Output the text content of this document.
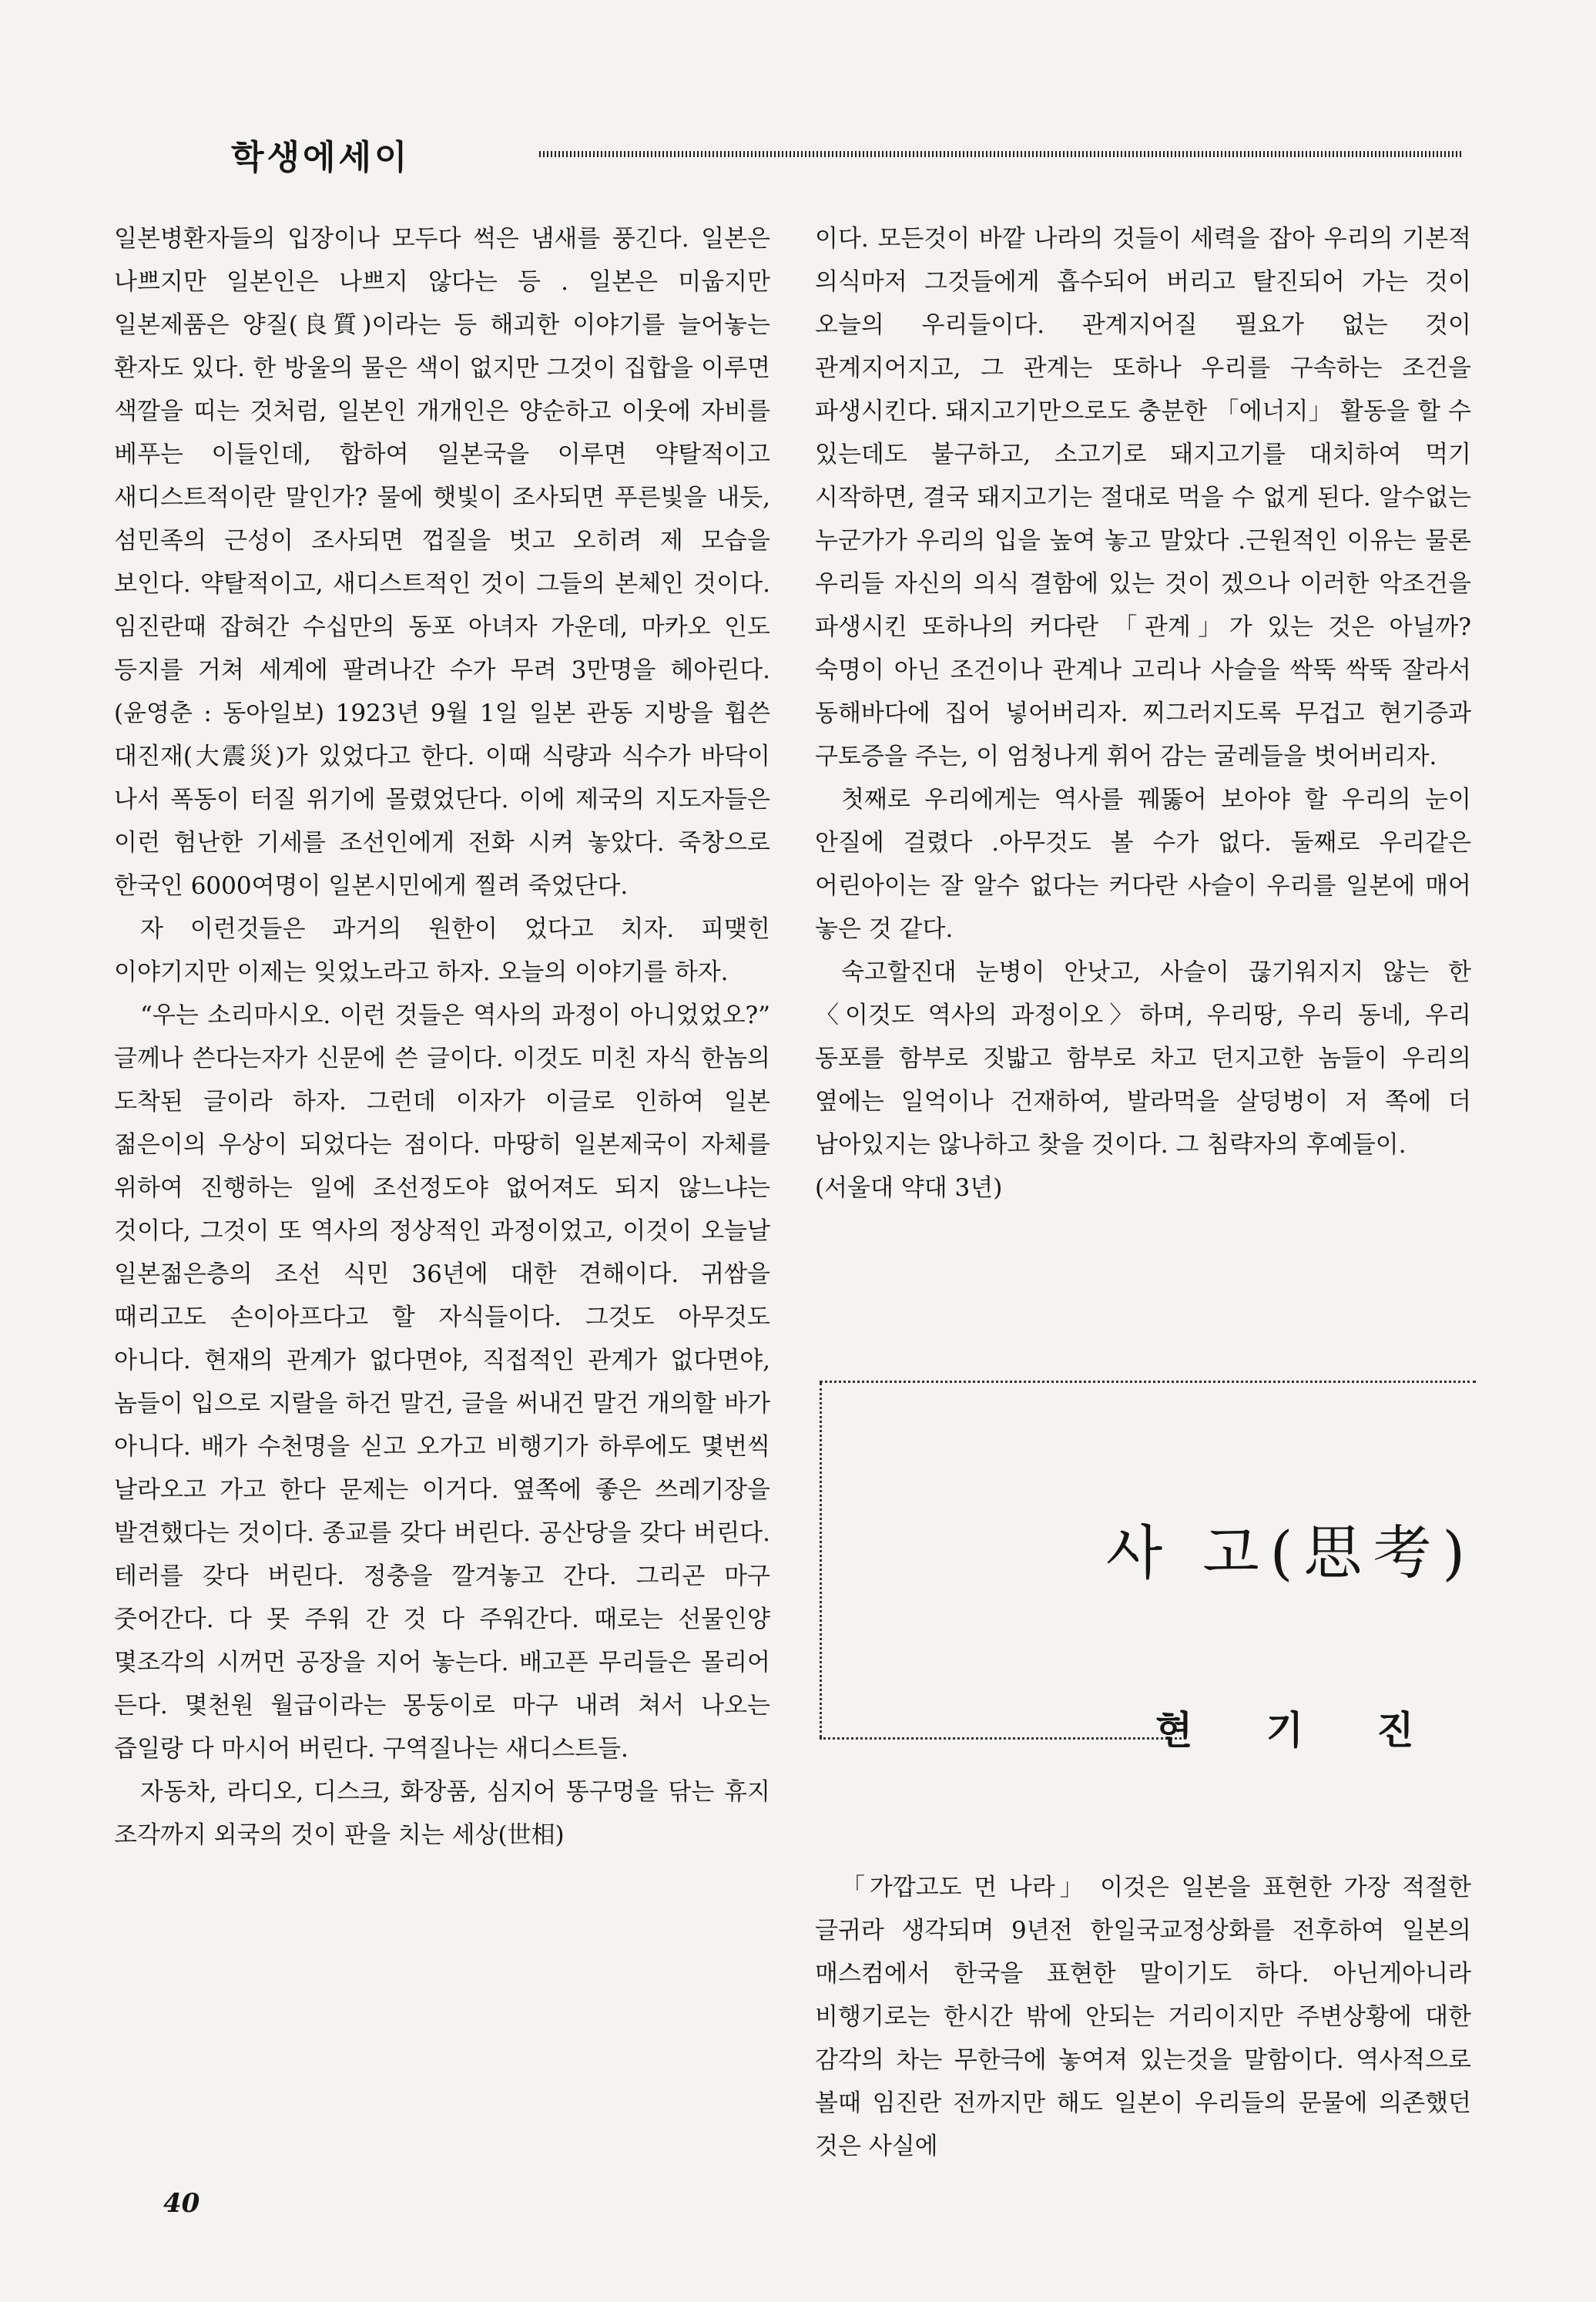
학생에세이

일본병환자들의 입장이나 모두다 썩은 냄새를 풍긴다. 일본은 나쁘지만 일본인은 나쁘지 않다는 등 . 일본은 미웁지만 일본제품은 양질(良質)이라는 등 해괴한 이야기를 늘어놓는 환자도 있다. 한 방울의 물은 색이 없지만 그것이 집합을 이루면 색깔을 띠는 것처럼, 일본인 개개인은 양순하고 이웃에 자비를 베푸는 이들인데, 합하여 일본국을 이루면 약탈적이고 새디스트적이란 말인가? 물에 햇빛이 조사되면 푸른빛을 내듯, 섬민족의 근성이 조사되면 껍질을 벗고 오히려 제 모습을 보인다. 약탈적이고, 새디스트적인 것이 그들의 본체인 것이다. 임진란때 잡혀간 수십만의 동포 아녀자 가운데, 마카오 인도 등지를 거쳐 세계에 팔려나간 수가 무려 3만명을 헤아린다. (윤영춘 : 동아일보) 1923년 9월 1일 일본 관동 지방을 휩쓴 대진재(大震災)가 있었다고 한다. 이때 식량과 식수가 바닥이 나서 폭동이 터질 위기에 몰렸었단다. 이에 제국의 지도자들은 이런 험난한 기세를 조선인에게 전화 시켜 놓았다. 죽창으로 한국인 6000여명이 일본시민에게 찔려 죽었단다.

자 이런것들은 과거의 원한이 었다고 치자. 피맺힌 이야기지만 이제는 잊었노라고 하자. 오늘의 이야기를 하자.

“우는 소리마시오. 이런 것들은 역사의 과정이 아니었었오?” 글께나 쓴다는자가 신문에 쓴 글이다. 이것도 미친 자식 한놈의 도착된 글이라 하자. 그런데 이자가 이글로 인하여 일본 젊은이의 우상이 되었다는 점이다. 마땅히 일본제국이 자체를 위하여 진행하는 일에 조선정도야 없어져도 되지 않느냐는 것이다, 그것이 또 역사의 정상적인 과정이었고, 이것이 오늘날 일본젊은층의 조선 식민 36년에 대한 견해이다. 귀쌈을 때리고도 손이아프다고 할 자식들이다. 그것도 아무것도 아니다. 현재의 관계가 없다면야, 직접적인 관계가 없다면야, 놈들이 입으로 지랄을 하건 말건, 글을 써내건 말건 개의할 바가 아니다. 배가 수천명을 싣고 오가고 비행기가 하루에도 몇번씩 날라오고 가고 한다 문제는 이거다. 옆쪽에 좋은 쓰레기장을 발견했다는 것이다. 종교를 갖다 버린다. 공산당을 갖다 버린다. 테러를 갖다 버린다. 정충을 깔겨놓고 간다. 그리곤 마구 줏어간다. 다 못 주워 간 것 다 주워간다. 때로는 선물인양 몇조각의 시꺼먼 공장을 지어 놓는다. 배고픈 무리들은 몰리어 든다. 몇천원 월급이라는 몽둥이로 마구 내려 쳐서 나오는 즙일랑 다 마시어 버린다. 구역질나는 새디스트들.

자동차, 라디오, 디스크, 화장품, 심지어 똥구멍을 닦는 휴지 조각까지 외국의 것이 판을 치는 세상(世相)

이다. 모든것이 바깥 나라의 것들이 세력을 잡아 우리의 기본적 의식마저 그것들에게 흡수되어 버리고 탈진되어 가는 것이 오늘의 우리들이다. 관계지어질 필요가 없는 것이 관계지어지고, 그 관계는 또하나 우리를 구속하는 조건을 파생시킨다. 돼지고기만으로도 충분한 「에너지」 활동을 할 수 있는데도 불구하고, 소고기로 돼지고기를 대치하여 먹기 시작하면, 결국 돼지고기는 절대로 먹을 수 없게 된다. 알수없는 누군가가 우리의 입을 높여 놓고 말았다 .근원적인 이유는 물론 우리들 자신의 의식 결함에 있는 것이 겠으나 이러한 악조건을 파생시킨 또하나의 커다란 「관계」가 있는 것은 아닐까? 숙명이 아닌 조건이나 관계나 고리나 사슬을 싹뚝 싹뚝 잘라서 동해바다에 집어 넣어버리자. 찌그러지도록 무겁고 현기증과 구토증을 주는, 이 엄청나게 휘어 감는 굴레들을 벗어버리자.

첫째로 우리에게는 역사를 꿰뚫어 보아야 할 우리의 눈이 안질에 걸렸다 .아무것도 볼 수가 없다. 둘째로 우리같은 어린아이는 잘 알수 없다는 커다란 사슬이 우리를 일본에 매어 놓은 것 같다.

숙고할진대 눈병이 안낫고, 사슬이 끊기워지지 않는 한 〈이것도 역사의 과정이오〉하며, 우리땅, 우리 동네, 우리 동포를 함부로 짓밟고 함부로 차고 던지고한 놈들이 우리의 옆에는 일억이나 건재하여, 발라먹을 살덩벙이 저 쪽에 더 남아있지는 않나하고 찾을 것이다. 그 침략자의 후예들이.

(서울대 약대 3년)

사 고(思考)
현 기 진

「가깝고도 먼 나라」 이것은 일본을 표현한 가장 적절한 글귀라 생각되며 9년전 한일국교정상화를 전후하여 일본의 매스컴에서 한국을 표현한 말이기도 하다. 아닌게아니라 비행기로는 한시간 밖에 안되는 거리이지만 주변상황에 대한 감각의 차는 무한극에 놓여져 있는것을 말함이다. 역사적으로 볼때 임진란 전까지만 해도 일본이 우리들의 문물에 의존했던 것은 사실에

40
